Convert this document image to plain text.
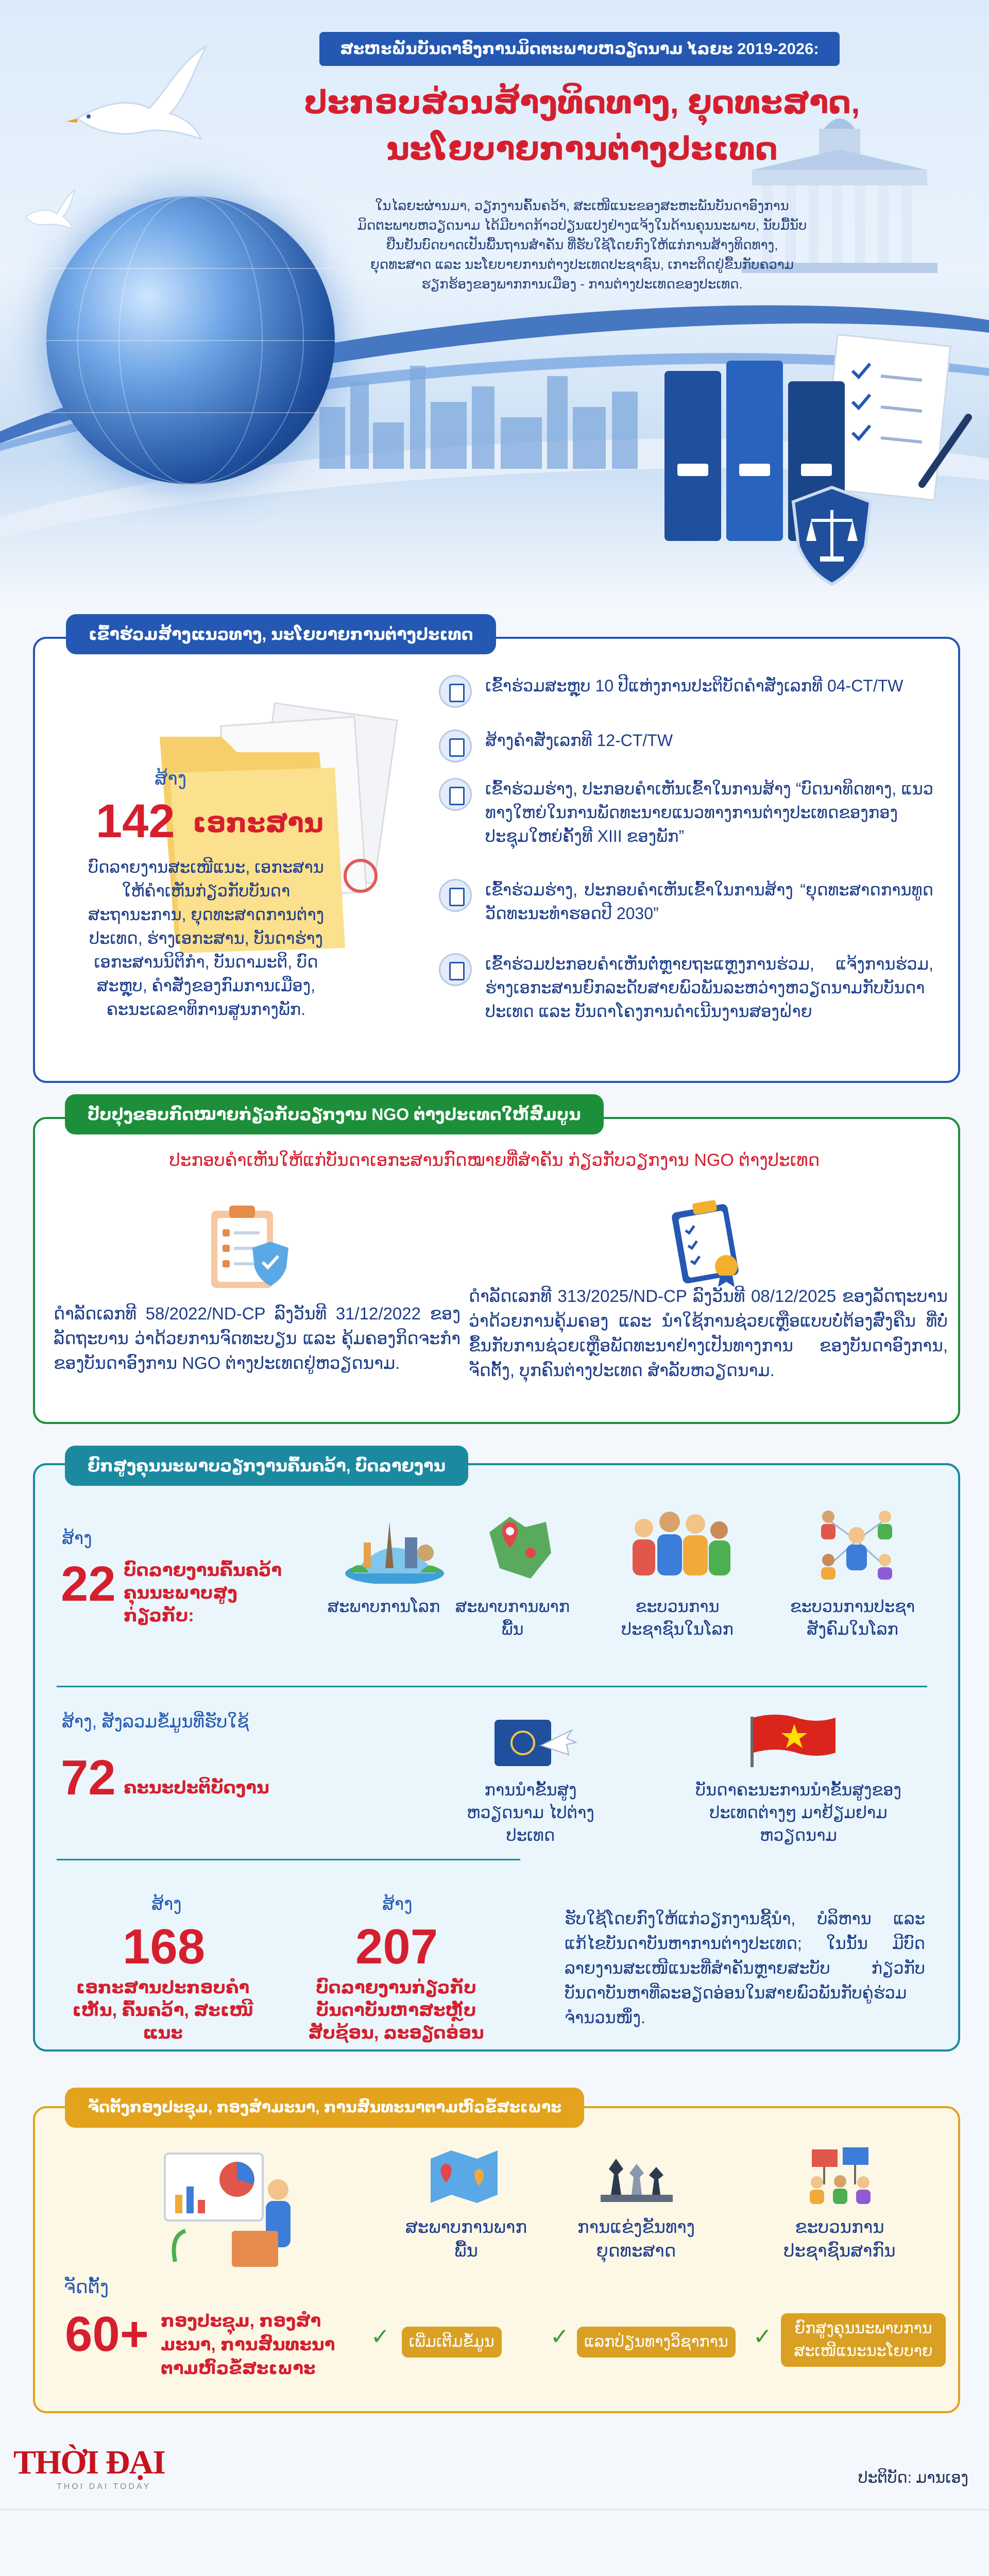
ສະຫະພັນບັນດາອົງການມິດຕະພາບຫວຽດນາມ ໄລຍະ 2019-2026:
ປະກອບສ່ວນສ້າງທິດທາງ, ຍຸດທະສາດ,
ນະໂຍບາຍການຕ່າງປະເທດ
ໃນໄລຍະຜ່ານມາ, ວຽກງານຄົ້ນຄວ້າ, ສະເໜີແນະຂອງສະຫະພັນບັນດາອົງການມິດຕະພາບຫວຽດນາມ ໄດ້ມີບາດກ້າວປ່ຽນແປງຢ່າງແຈ້ງໃນດ້ານຄຸນນະພາບ, ນັບມື້ນັບຢືນຢັນບົດບາດເປັນພື້ນຖານສຳຄັນ ທີ່ຮັບໃຊ້ໂດຍກົງໃຫ້ແກ່ການສ້າງທິດທາງ, ຍຸດທະສາດ ແລະ ນະໂຍບາຍການຕ່າງປະເທດປະຊາຊົນ, ເກາະຕິດຢູ່ຂື້ນກັບຄວາມຮຽກຮ້ອງຂອງພາກການເມືອງ - ການຕ່າງປະເທດຂອງປະເທດ.
ເຂົ້າຮ່ວມສ້າງແນວທາງ, ນະໂຍບາຍການຕ່າງປະເທດ
ສ້າງ
142 ເອກະສານ
ບົດລາຍງານສະເໜີແນະ, ເອກະສານໃຫ້ຄຳເຫັນກ່ຽວກັບບັນດາສະຖານະການ, ຍຸດທະສາດການຕ່າງປະເທດ, ຮ່າງເອກະສານ, ບັນດາຮ່າງເອກະສານນິຕິກຳ, ບັນດາມະຕິ, ບົດສະຫຼຸບ, ຄຳສັ່ງຂອງກົມການເມືອງ, ຄະນະເລຂາທິການສູນກາງພັກ.
ເຂົ້າຮ່ວມສະຫຼຸບ 10 ປີແຫ່ງການປະຕິບັດຄຳສັ່ງເລກທີ 04-CT/TW
ສ້າງຄຳສັ່ງເລກທີ 12-CT/TW
ເຂົ້າຮ່ວມຮ່າງ, ປະກອບຄຳເຫັນເຂົ້າໃນການສ້າງ “ບົດນາທິດທາງ, ແນວທາງໃຫຍ່ໃນການພັດທະນາຍແນວທາງການຕ່າງປະເທດຂອງກອງປະຊຸມໃຫຍ່ຄັ້ງທີ XIII ຂອງພັກ”
ເຂົ້າຮ່ວມຮ່າງ, ປະກອບຄຳເຫັນເຂົ້າໃນການສ້າງ “ຍຸດທະສາດການທູດວັດທະນະທຳຮອດປີ 2030”
ເຂົ້າຮ່ວມປະກອບຄຳເຫັນຕໍ່ຫຼາຍຖະແຫຼງການຮ່ວມ, ແຈ້ງການຮ່ວມ, ຮ່າງເອກະສານຍົກລະດັບສາຍພົວພັນລະຫວ່າງຫວຽດນາມກັບບັນດາປະເທດ ແລະ ບັນດາໂຄງການດຳເນີນງານສອງຝ່າຍ
ປັບປຸງຂອບກົດໝາຍກ່ຽວກັບວຽກງານ NGO ຕ່າງປະເທດໃຫ້ສົມບູນ
ປະກອບຄຳເຫັນໃຫ້ແກ່ບັນດາເອກະສານກົດໝາຍທີ່ສຳຄັນ ກ່ຽວກັບວຽກງານ NGO ຕ່າງປະເທດ
ດຳລັດເລກທີ 58/2022/ND-CP ລົງວັນທີ 31/12/2022 ຂອງລັດຖະບານ ວ່າດ້ວຍການຈົດທະບຽນ ແລະ ຄຸ້ມຄອງກິດຈະກຳຂອງບັນດາອົງການ NGO ຕ່າງປະເທດຢູ່ຫວຽດນາມ.
ດຳລັດເລກທີ 313/2025/ND-CP ລົງວັນທີ 08/12/2025 ຂອງລັດຖະບານ ວ່າດ້ວຍການຄຸ້ມຄອງ ແລະ ນຳໃຊ້ການຊ່ວຍເຫຼືອແບບບໍ່ຕ້ອງສົ່ງຄືນ ທີ່ບໍ່ຂຶ້ນກັບການຊ່ວຍເຫຼືອພັດທະນາຢ່າງເປັນທາງການ ຂອງບັນດາອົງການ, ຈັດຕັ້ງ, ບຸກຄົນຕ່າງປະເທດ ສຳລັບຫວຽດນາມ.
ຍົກສູງຄຸນນະພາບວຽກງານຄົ້ນຄວ້າ, ບົດລາຍງານ
ສ້າງ
22 ບົດລາຍງານຄົ້ນຄວ້າຄຸນນະພາບສູງກ່ຽວກັບ:	ສະພາບການໂລກ ສະພາບການພາກພື້ນ
ຂະບວນການປະຊາຊົນໃນໂລກ
ຂະບວນການປະຊາສັງຄົມໃນໂລກ
ສ້າງ, ສັງລວມຂໍ້ມູນທີ່ຮັບໃຊ້
72 ຄະນະປະຕິບັດງານ	ການນຳຂັ້ນສູງຫວຽດນາມ ໄປຕ່າງປະເທດ
ບັນດາຄະນະການນຳຂັ້ນສູງຂອງປະເທດຕ່າງໆ ມາຢ້ຽມຢາມຫວຽດນາມ
ສ້າງ
168
ເອກະສານປະກອບຄຳເຫັນ, ຄົ້ນຄວ້າ, ສະເໜີແນະ
ສ້າງ
207
ບົດລາຍງານກ່ຽວກັບບັນດາບັນຫາສະຫຼັບສັບຊ້ອນ, ລະອຽດອ່ອນ
ຮັບໃຊ້ໂດຍກົງໃຫ້ແກ່ວຽກງານຊີ້ນຳ, ບໍລິຫານ ແລະ ແກ້ໄຂບັນດາບັນຫາການຕ່າງປະເທດ; ໃນນັ້ນ ມີບົດລາຍງານສະເໜີແນະທີ່ສຳຄັນຫຼາຍສະບັບ ກ່ຽວກັບບັນດາບັນຫາທີ່ລະອຽດອ່ອນໃນສາຍພົວພັນກັບຄູ່ຮ່ວມຈຳນວນໜຶ່ງ.
ຈັດຕັ້ງກອງປະຊຸມ, ກອງສຳມະນາ, ການສົນທະນາຕາມຫົວຂໍ້ສະເພາະ
ຈັດຕັ້ງ
60+ ກອງປະຊຸມ, ກອງສຳມະນາ, ການສົນທະນາຕາມຫົວຂໍ້ສະເພາະ
ສະພາບການພາກພື້ນ
ການແຂ່ງຂັນທາງຍຸດທະສາດ
ຂະບວນການປະຊາຊົນສາກົນ
✓	ເພີ່ມເຕີມຂໍ້ມູນ	✓ ແລກປ່ຽນທາງວິຊາການ	✓	ຍົກສູງຄຸນນະພາບການສະເໜີແນະນະໂຍບາຍ
THỜI ĐẠI
THOI DAI TODAY
ປະຕິບັດ: ມານເອງ
